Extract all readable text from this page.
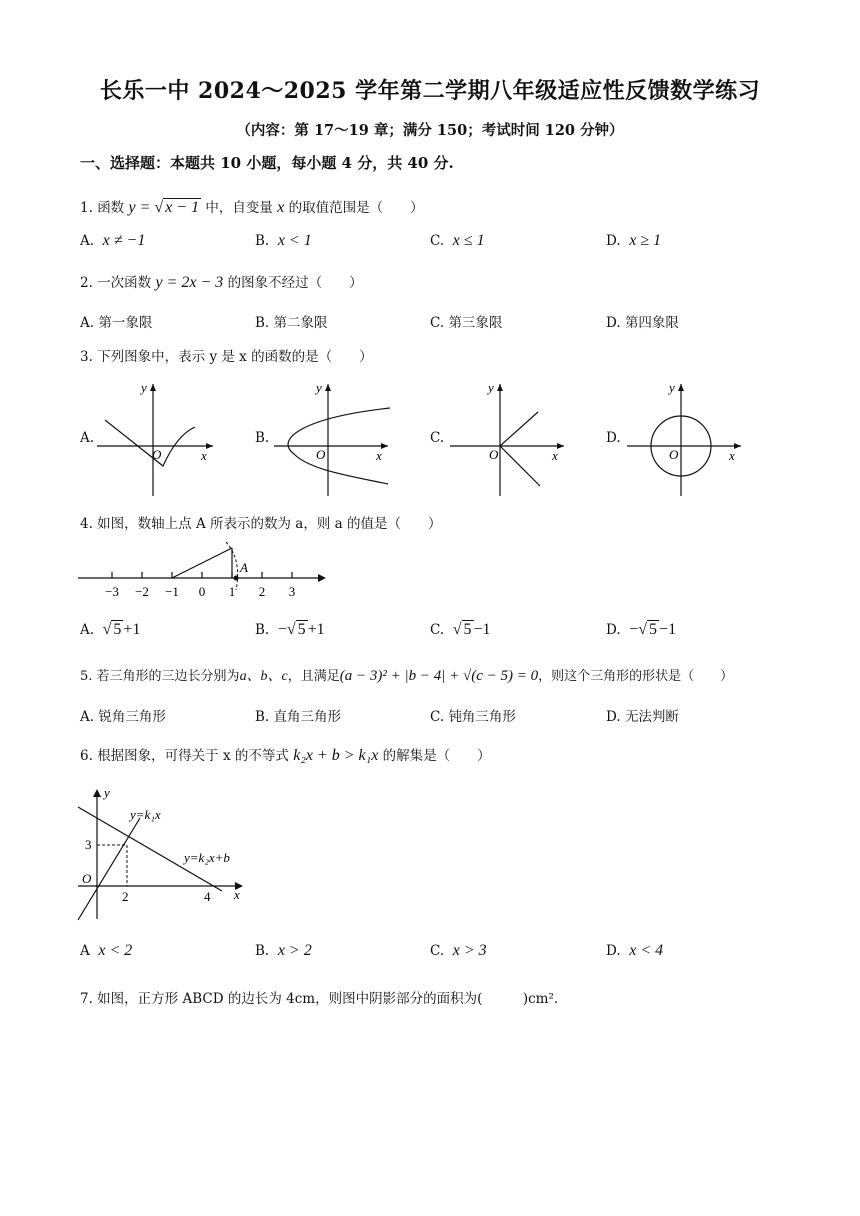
长乐一中 2024～2025 学年第二学期八年级适应性反馈数学练习
（内容：第 17～19 章；满分 150；考试时间 120 分钟）
一、选择题：本题共 10 小题，每小题 4 分，共 40 分.
1. 函数 y = √ x − 1 中，自变量 x 的取值范围是（　　）
A. x ≠ −1	B. x < 1	C. x ≤ 1	D. x ≥ 1
2. 一次函数 y = 2x − 3 的图象不经过（　　）
A. 第一象限	B. 第二象限	C. 第三象限	D. 第四象限
3. 下列图象中，表示 y 是 x 的函数的是（　　）
A.	B.	C.	D.
y
x
O
y
x
O
y
x
O
y
x
O
4. 如图，数轴上点 A 所表示的数为 a，则 a 的值是（　　）
−3 −2 −1 0 1 2 3
A
A. √ 5 +1	B. −√ 5 +1	C. √ 5 −1	D. −√ 5 −1
5. 若三角形的三边长分别为a、b、c，且满足(a − 3)² + |b − 4| + √(c − 5) = 0，则这个三角形的形状是（　　）
A. 锐角三角形	B. 直角三角形	C. 钝角三角形	D. 无法判断
6. 根据图象，可得关于 x 的不等式 k₂x + b > k₁x 的解集是（　　）
y
x
O
3
2	4
y=k₁x
y=k₂x+b
A x < 2	B. x > 2	C. x > 3	D. x < 4
7. 如图，正方形 ABCD 的边长为 4cm，则图中阴影部分的面积为(　　　)cm².
